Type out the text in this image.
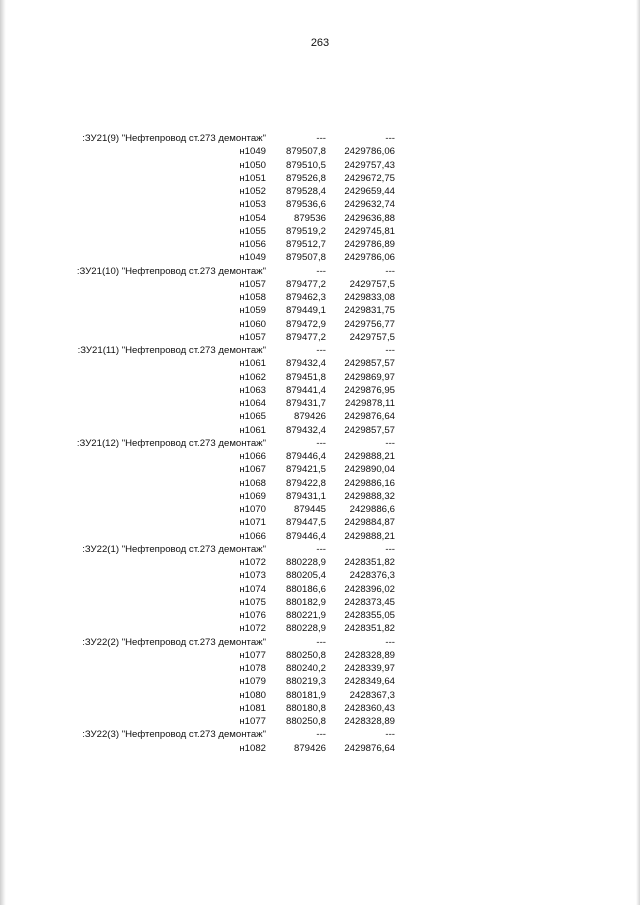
263
:ЗУ21(9) "Нефтепровод ст.273 демонтаж"	---	---
н1049	879507,8	2429786,06
н1050	879510,5	2429757,43
н1051	879526,8	2429672,75
н1052	879528,4	2429659,44
н1053	879536,6	2429632,74
н1054	879536	2429636,88
н1055	879519,2	2429745,81
н1056	879512,7	2429786,89
н1049	879507,8	2429786,06
:ЗУ21(10) "Нефтепровод ст.273 демонтаж"	---	---
н1057	879477,2	2429757,5
н1058	879462,3	2429833,08
н1059	879449,1	2429831,75
н1060	879472,9	2429756,77
н1057	879477,2	2429757,5
:ЗУ21(11) "Нефтепровод ст.273 демонтаж"	---	---
н1061	879432,4	2429857,57
н1062	879451,8	2429869,97
н1063	879441,4	2429876,95
н1064	879431,7	2429878,11
н1065	879426	2429876,64
н1061	879432,4	2429857,57
:ЗУ21(12) "Нефтепровод ст.273 демонтаж"	---	---
н1066	879446,4	2429888,21
н1067	879421,5	2429890,04
н1068	879422,8	2429886,16
н1069	879431,1	2429888,32
н1070	879445	2429886,6
н1071	879447,5	2429884,87
н1066	879446,4	2429888,21
:ЗУ22(1) "Нефтепровод ст.273 демонтаж"	---	---
н1072	880228,9	2428351,82
н1073	880205,4	2428376,3
н1074	880186,6	2428396,02
н1075	880182,9	2428373,45
н1076	880221,9	2428355,05
н1072	880228,9	2428351,82
:ЗУ22(2) "Нефтепровод ст.273 демонтаж"	---	---
н1077	880250,8	2428328,89
н1078	880240,2	2428339,97
н1079	880219,3	2428349,64
н1080	880181,9	2428367,3
н1081	880180,8	2428360,43
н1077	880250,8	2428328,89
:ЗУ22(3) "Нефтепровод ст.273 демонтаж"	---	---
н1082	879426	2429876,64
